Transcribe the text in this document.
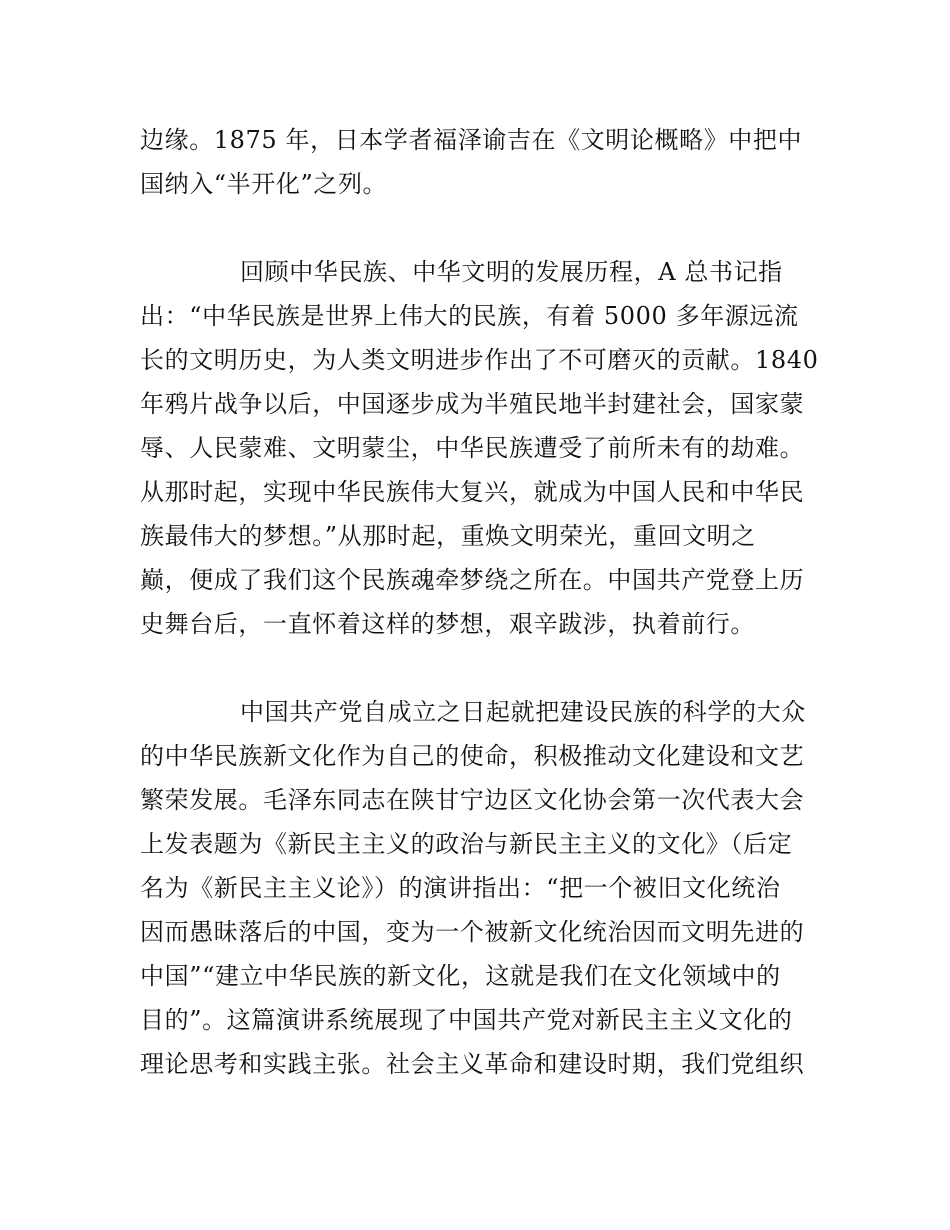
边缘。1875 年，日本学者福泽谕吉在《文明论概略》中把中
国纳入“半开化”之列。
回顾中华民族、中华文明的发展历程，A 总书记指
出：“中华民族是世界上伟大的民族，有着 5000 多年源远流
长的文明历史，为人类文明进步作出了不可磨灭的贡献。1840
年鸦片战争以后，中国逐步成为半殖民地半封建社会，国家蒙
辱、人民蒙难、文明蒙尘，中华民族遭受了前所未有的劫难。
从那时起，实现中华民族伟大复兴，就成为中国人民和中华民
族最伟大的梦想。”从那时起，重焕文明荣光，重回文明之
巅，便成了我们这个民族魂牵梦绕之所在。中国共产党登上历
史舞台后，一直怀着这样的梦想，艰辛跋涉，执着前行。
中国共产党自成立之日起就把建设民族的科学的大众
的中华民族新文化作为自己的使命，积极推动文化建设和文艺
繁荣发展。毛泽东同志在陕甘宁边区文化协会第一次代表大会
上发表题为《新民主主义的政治与新民主主义的文化》（后定
名为《新民主主义论》）的演讲指出：“把一个被旧文化统治
因而愚昧落后的中国，变为一个被新文化统治因而文明先进的
中国”“建立中华民族的新文化，这就是我们在文化领域中的
目的”。这篇演讲系统展现了中国共产党对新民主主义文化的
理论思考和实践主张。社会主义革命和建设时期，我们党组织
